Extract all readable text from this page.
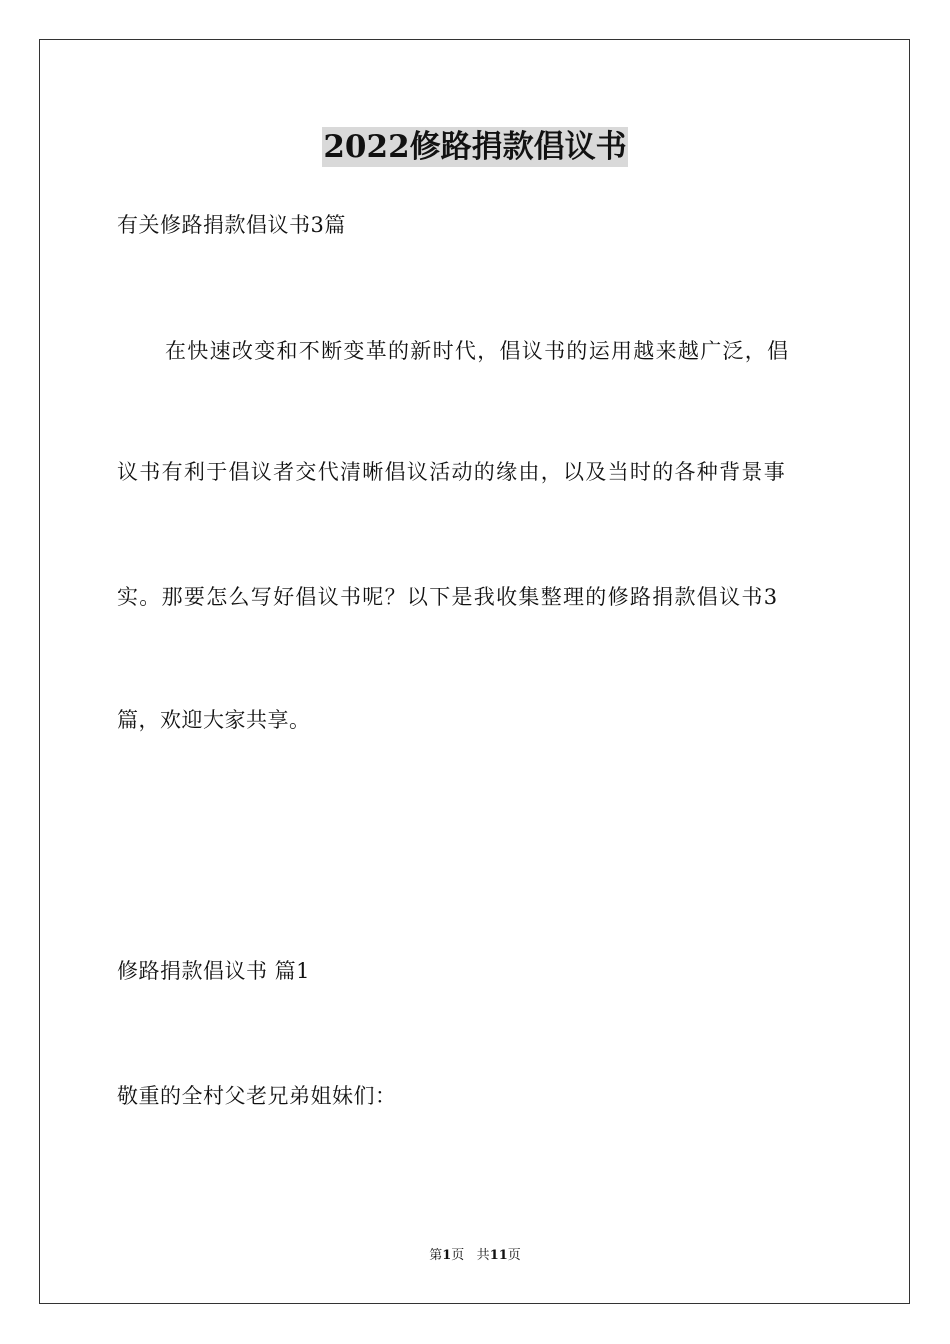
2022修路捐款倡议书

有关修路捐款倡议书3篇

在快速改变和不断变革的新时代，倡议书的运用越来越广泛，倡

议书有利于倡议者交代清晰倡议活动的缘由，以及当时的各种背景事

实。那要怎么写好倡议书呢？以下是我收集整理的修路捐款倡议书3

篇，欢迎大家共享。

修路捐款倡议书 篇1

敬重的全村父老兄弟姐妹们：

第1页 共11页
